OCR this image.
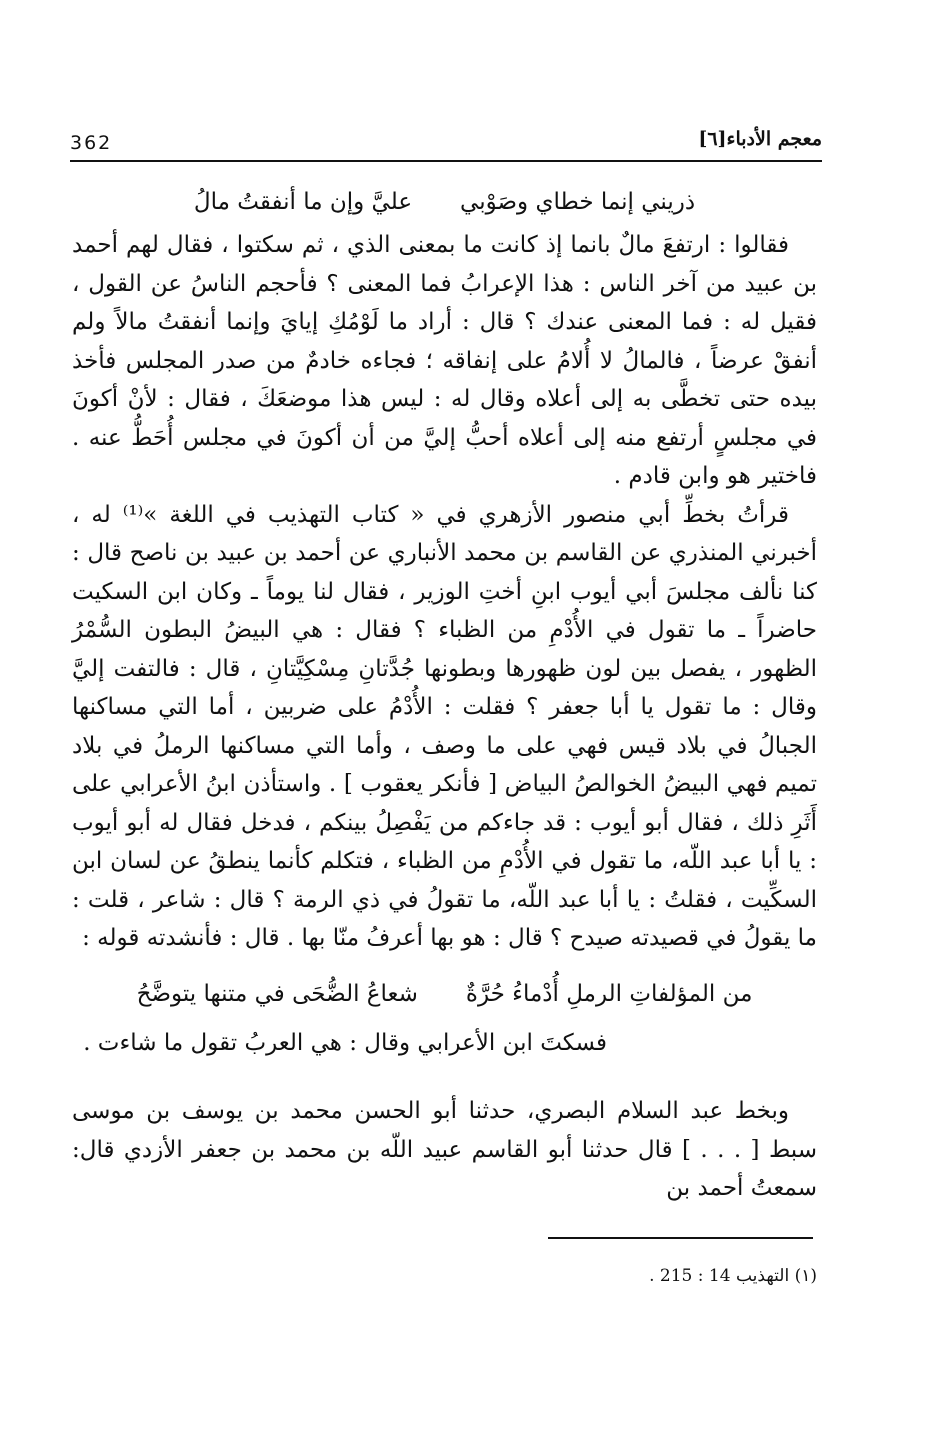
362	معجم الأدباء[٦]
ذريني إنما خطاي وصَوْبي
عليَّ وإن ما أنفقتُ مالُ

فقالوا : ارتفعَ مالٌ بانما إذ كانت ما بمعنى الذي ، ثم سكتوا ، فقال لهم أحمد بن عبيد من آخر الناس : هذا الإعرابُ فما المعنى ؟ فأحجم الناسُ عن القول ، فقيل له : فما المعنى عندك ؟ قال : أراد ما لَوْمُكِ إيايَ وإنما أنفقتُ مالاً ولم أنفقْ عرضاً ، فالمالُ لا أُلامُ على إنفاقه ؛ فجاءه خادمٌ من صدر المجلس فأخذ بيده حتى تخطَّى به إلى أعلاه وقال له : ليس هذا موضعَكَ ، فقال : لأنْ أكونَ في مجلسٍ أرتفع منه إلى أعلاه أحبُّ إليَّ من أن أكونَ في مجلس أُحَطُّ عنه . فاختير هو وابن قادم .

قرأتُ بخطِّ أبي منصور الأزهري في « كتاب التهذيب في اللغة »⁽¹⁾ له ، أخبرني المنذري عن القاسم بن محمد الأنباري عن أحمد بن عبيد بن ناصح قال : كنا نألف مجلسَ أبي أيوب ابنِ أختِ الوزير ، فقال لنا يوماً ـ وكان ابن السكيت حاضراً ـ ما تقول في الأُدْمِ من الظباء ؟ فقال : هي البيضُ البطون السُّمْرُ الظهور ، يفصل بين لون ظهورها وبطونها جُدَّتانِ مِسْكِيَّتانِ ، قال : فالتفت إليَّ وقال : ما تقول يا أبا جعفر ؟ فقلت : الأُدْمُ على ضربين ، أما التي مساكنها الجبالُ في بلاد قيس فهي على ما وصف ، وأما التي مساكنها الرملُ في بلاد تميم فهي البيضُ الخوالصُ البياض [ فأنكر يعقوب ] . واستأذن ابنُ الأعرابي على أَثَرِ ذلك ، فقال أبو أيوب : قد جاءكم من يَفْصِلُ بينكم ، فدخل فقال له أبو أيوب : يا أبا عبد اللّه، ما تقول في الأُدْمِ من الظباء ، فتكلم كأنما ينطقُ عن لسان ابن السكِّيت ، فقلتُ : يا أبا عبد اللّه، ما تقولُ في ذي الرمة ؟ قال : شاعر ، قلت : ما يقولُ في قصيدته صيدح ؟ قال : هو بها أعرفُ منّا بها . قال : فأنشدته قوله :

من المؤلفاتِ الرملِ أُدْماءُ حُرَّةٌ
شعاعُ الضُّحَى في متنها يتوضَّحُ

فسكتَ ابن الأعرابي وقال : هي العربُ تقول ما شاءت .

وبخط عبد السلام البصري، حدثنا أبو الحسن محمد بن يوسف بن موسى سبط [ . . . ] قال حدثنا أبو القاسم عبيد اللّه بن محمد بن جعفر الأزدي قال: سمعتُ أحمد بن

(١) التهذيب 14 : 215 .
